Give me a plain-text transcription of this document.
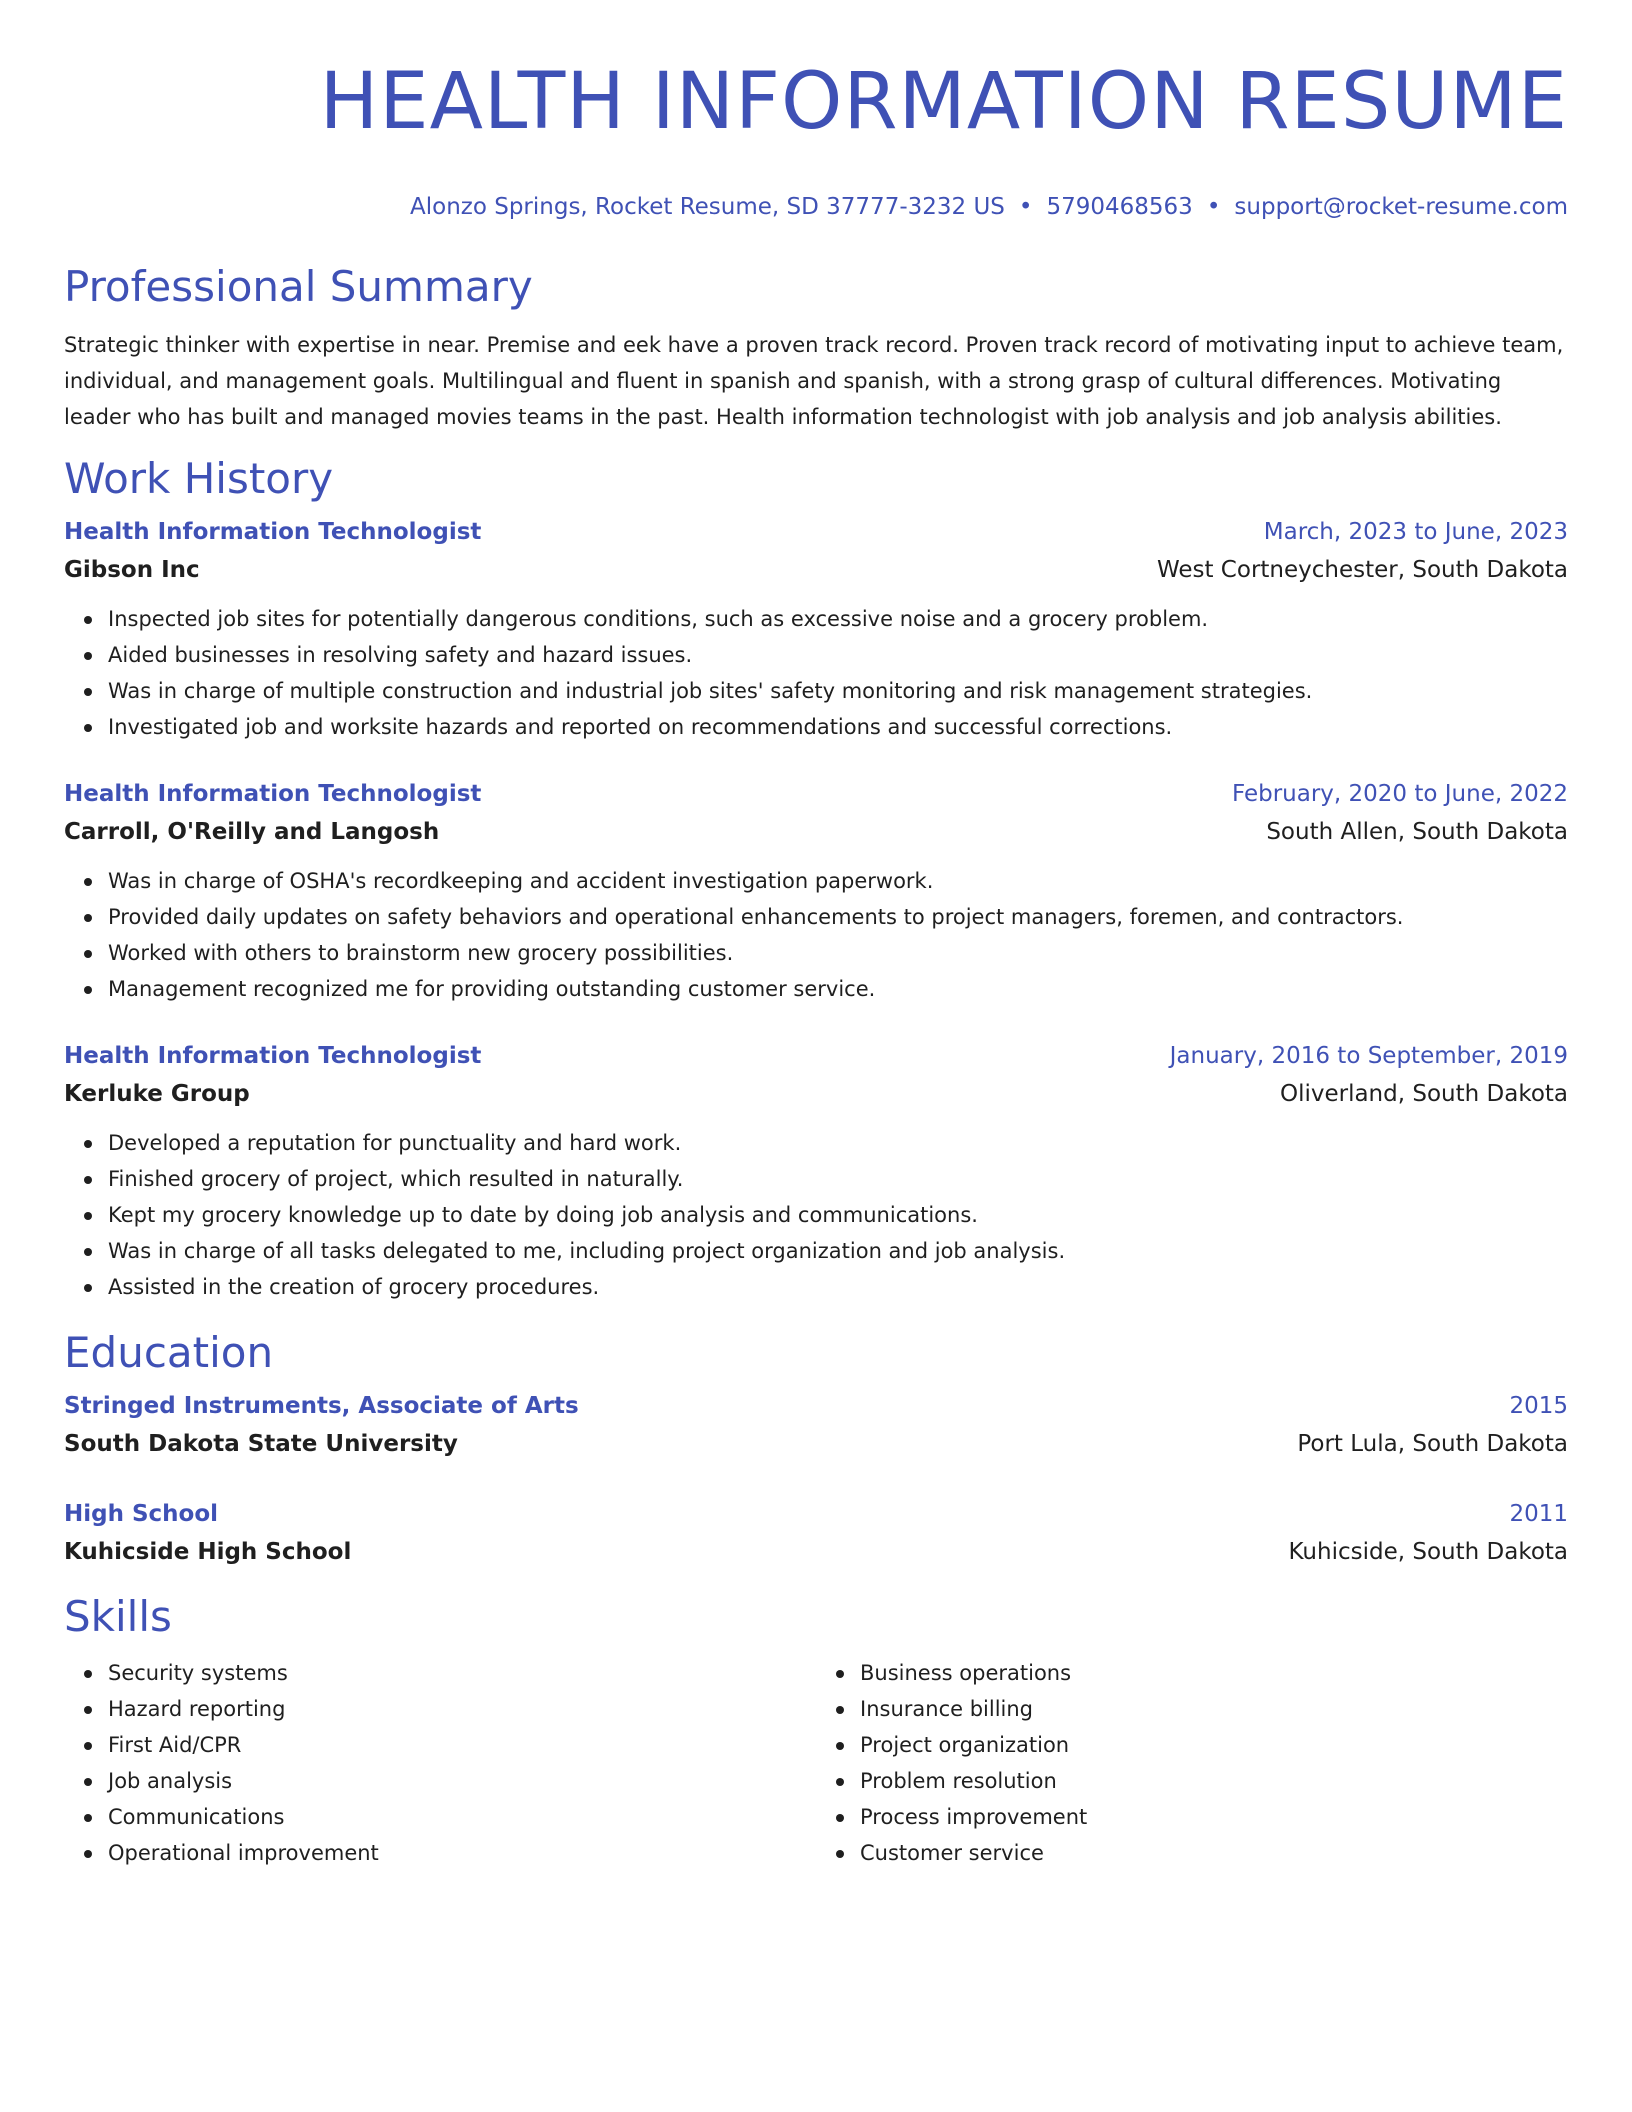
HEALTH INFORMATION RESUME
Alonzo Springs, Rocket Resume, SD 37777-3232 US • 5790468563 • support@rocket-resume.com
Professional Summary

Strategic thinker with expertise in near. Premise and eek have a proven track record. Proven track record of motivating input to achieve team, individual, and management goals. Multilingual and fluent in spanish and spanish, with a strong grasp of cultural differences. Motivating leader who has built and managed movies teams in the past. Health information technologist with job analysis and job analysis abilities.

Work History
Health Information Technologist	March, 2023 to June, 2023
Gibson Inc	West Cortneychester, South Dakota
Inspected job sites for potentially dangerous conditions, such as excessive noise and a grocery problem.
Aided businesses in resolving safety and hazard issues.
Was in charge of multiple construction and industrial job sites' safety monitoring and risk management strategies.
Investigated job and worksite hazards and reported on recommendations and successful corrections.
Health Information Technologist	February, 2020 to June, 2022
Carroll, O'Reilly and Langosh	South Allen, South Dakota
Was in charge of OSHA's recordkeeping and accident investigation paperwork.
Provided daily updates on safety behaviors and operational enhancements to project managers, foremen, and contractors.
Worked with others to brainstorm new grocery possibilities.
Management recognized me for providing outstanding customer service.
Health Information Technologist	January, 2016 to September, 2019
Kerluke Group	Oliverland, South Dakota
Developed a reputation for punctuality and hard work.
Finished grocery of project, which resulted in naturally.
Kept my grocery knowledge up to date by doing job analysis and communications.
Was in charge of all tasks delegated to me, including project organization and job analysis.
Assisted in the creation of grocery procedures.
Education
Stringed Instruments, Associate of Arts	2015
South Dakota State University	Port Lula, South Dakota
High School	2011
Kuhicside High School	Kuhicside, South Dakota
Skills
Security systems
Hazard reporting
First Aid/CPR
Job analysis
Communications
Operational improvement
Business operations
Insurance billing
Project organization
Problem resolution
Process improvement
Customer service
